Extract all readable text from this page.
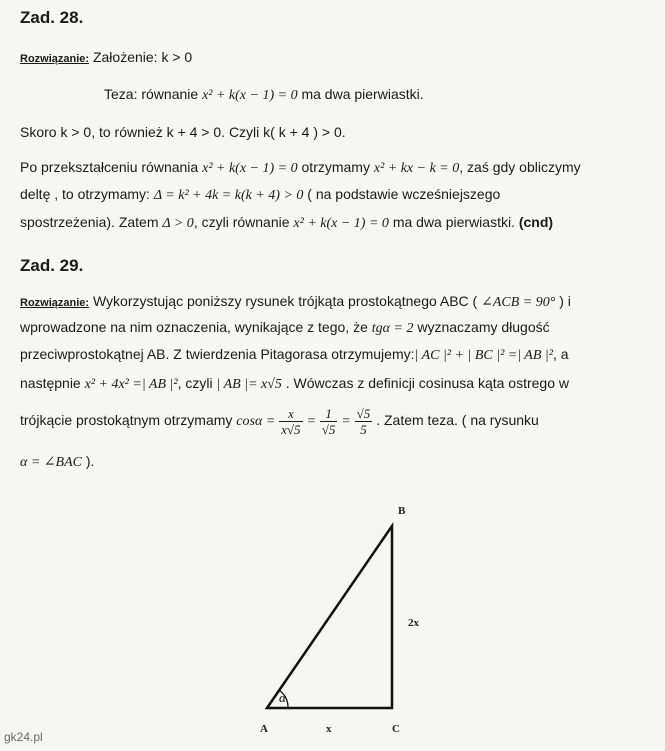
Zad. 28.
Rozwiązanie: Założenie: k > 0
Teza: równanie x² + k(x − 1) = 0 ma dwa pierwiastki.
Skoro k > 0, to również k + 4 > 0. Czyli k( k + 4 ) > 0.
Po przekształceniu równania x² + k(x − 1) = 0 otrzymamy x² + kx − k = 0, zaś gdy obliczymy
deltę , to otrzymamy: Δ = k² + 4k = k(k + 4) > 0 ( na podstawie wcześniejszego
spostrzeżenia). Zatem Δ > 0, czyli równanie x² + k(x − 1) = 0 ma dwa pierwiastki. (cnd)
Zad. 29.
Rozwiązanie: Wykorzystując poniższy rysunek trójkąta prostokątnego ABC ( ∠ACB = 90° ) i
wprowadzone na nim oznaczenia, wynikające z tego, że tgα = 2 wyznaczamy długość
przeciwprostokątnej AB. Z twierdzenia Pitagorasa otrzymujemy:| AC |² + | BC |² =| AB |², a
następnie x² + 4x² =| AB |², czyli | AB |= x√5 . Wówczas z definicji cosinusa kąta ostrego w
trójkącie prostokątnym otrzymamy $\cos\alpha = \frac{x}{x√5} = \frac{1}{√5} = \frac{√5}{5}$ . Zatem teza. ( na rysunku
α = ∠BAC ).
α
B
A	C
x
2x
gk24.pl
